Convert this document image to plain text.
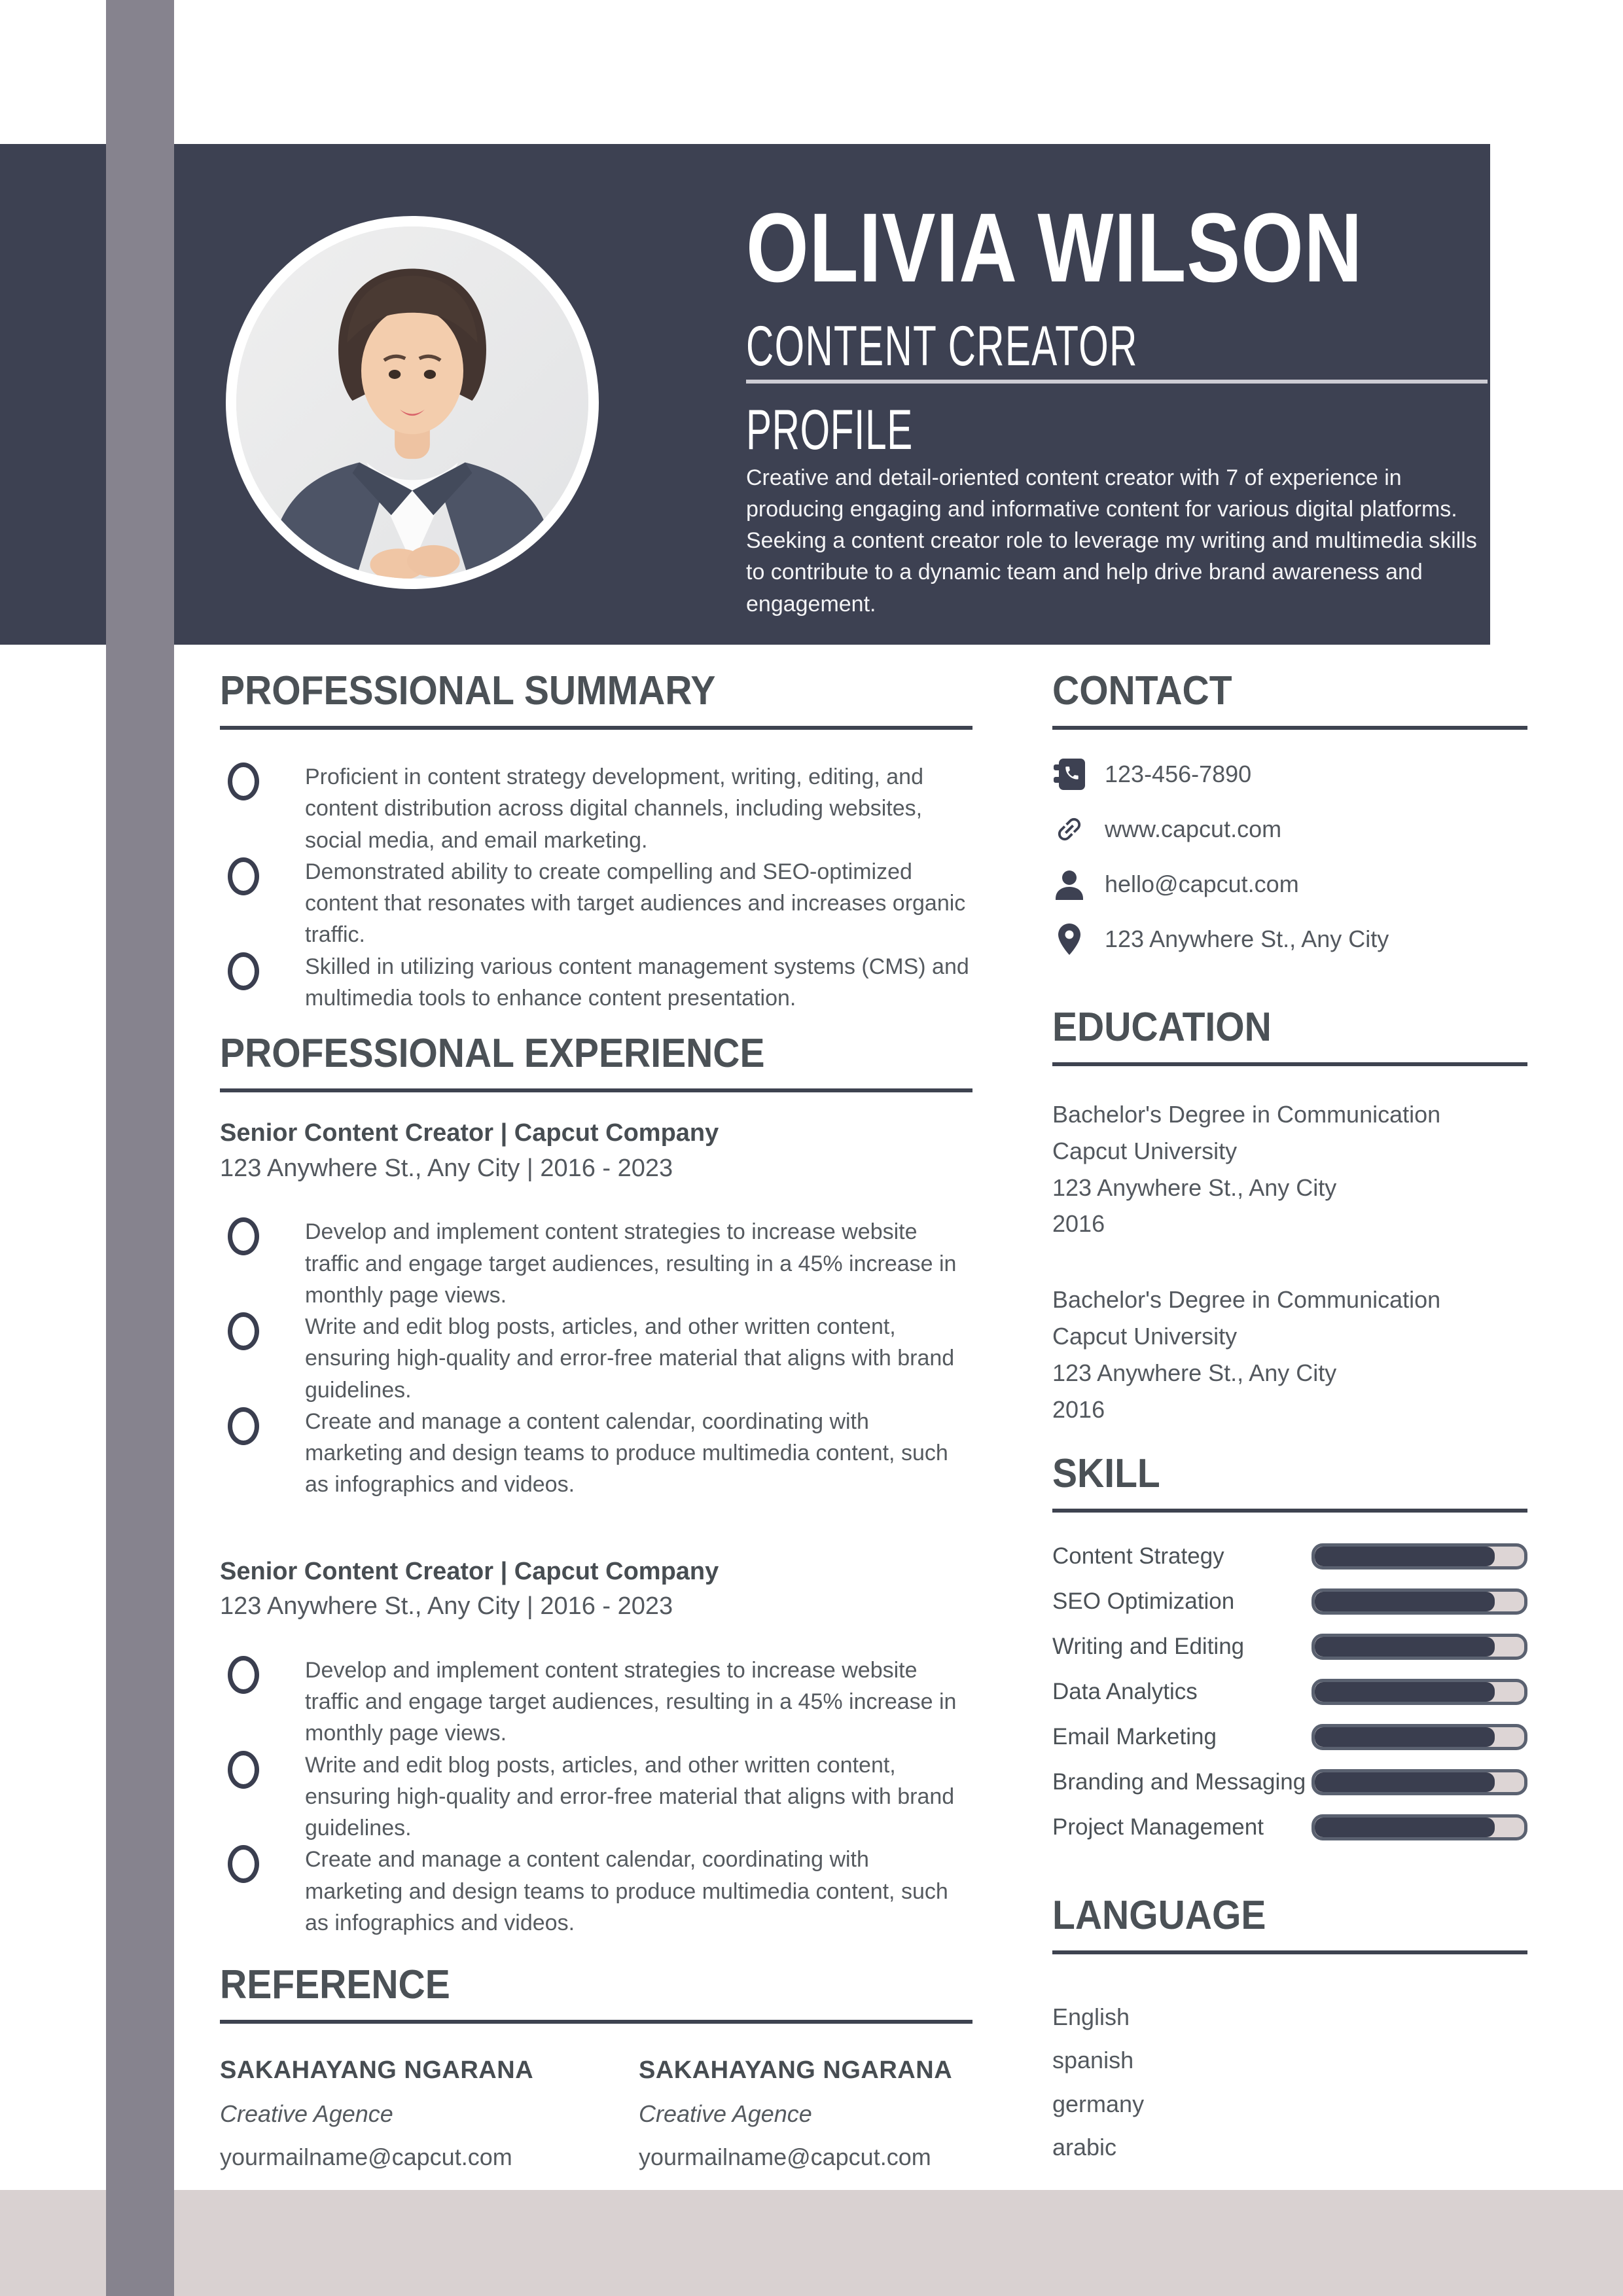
OLIVIA WILSON
CONTENT CREATOR
PROFILE
Creative and detail-oriented content creator with 7 of experience in producing engaging and informative content for various digital platforms. Seeking a content creator role to leverage my writing and multimedia skills to contribute to a dynamic team and help drive brand awareness and engagement.
PROFESSIONAL SUMMARY
Proficient in content strategy development, writing, editing, and content distribution across digital channels, including websites, social media, and email marketing.
Demonstrated ability to create compelling and SEO-optimized content that resonates with target audiences and increases organic traffic.
Skilled in utilizing various content management systems (CMS) and multimedia tools to enhance content presentation.
PROFESSIONAL EXPERIENCE
Senior Content Creator | Capcut Company
123 Anywhere St., Any City | 2016 - 2023
Develop and implement content strategies to increase website traffic and engage target audiences, resulting in a 45% increase in monthly page views.
Write and edit blog posts, articles, and other written content, ensuring high-quality and error-free material that aligns with brand guidelines.
Create and manage a content calendar, coordinating with marketing and design teams to produce multimedia content, such as infographics and videos.
Senior Content Creator | Capcut Company
123 Anywhere St., Any City | 2016 - 2023
Develop and implement content strategies to increase website traffic and engage target audiences, resulting in a 45% increase in monthly page views.
Write and edit blog posts, articles, and other written content, ensuring high-quality and error-free material that aligns with brand guidelines.
Create and manage a content calendar, coordinating with marketing and design teams to produce multimedia content, such as infographics and videos.
REFERENCE
SAKAHAYANG NGARANA
Creative Agence
yourmailname@capcut.com
SAKAHAYANG NGARANA
Creative Agence
yourmailname@capcut.com
CONTACT
123-456-7890
www.capcut.com
hello@capcut.com
123 Anywhere St., Any City
EDUCATION
Bachelor's Degree in Communication
Capcut University
123 Anywhere St., Any City
2016
Bachelor's Degree in Communication
Capcut University
123 Anywhere St., Any City
2016
SKILL
Content Strategy
SEO Optimization
Writing and Editing
Data Analytics
Email Marketing
Branding and Messaging
Project Management
LANGUAGE
English
spanish
germany
arabic
